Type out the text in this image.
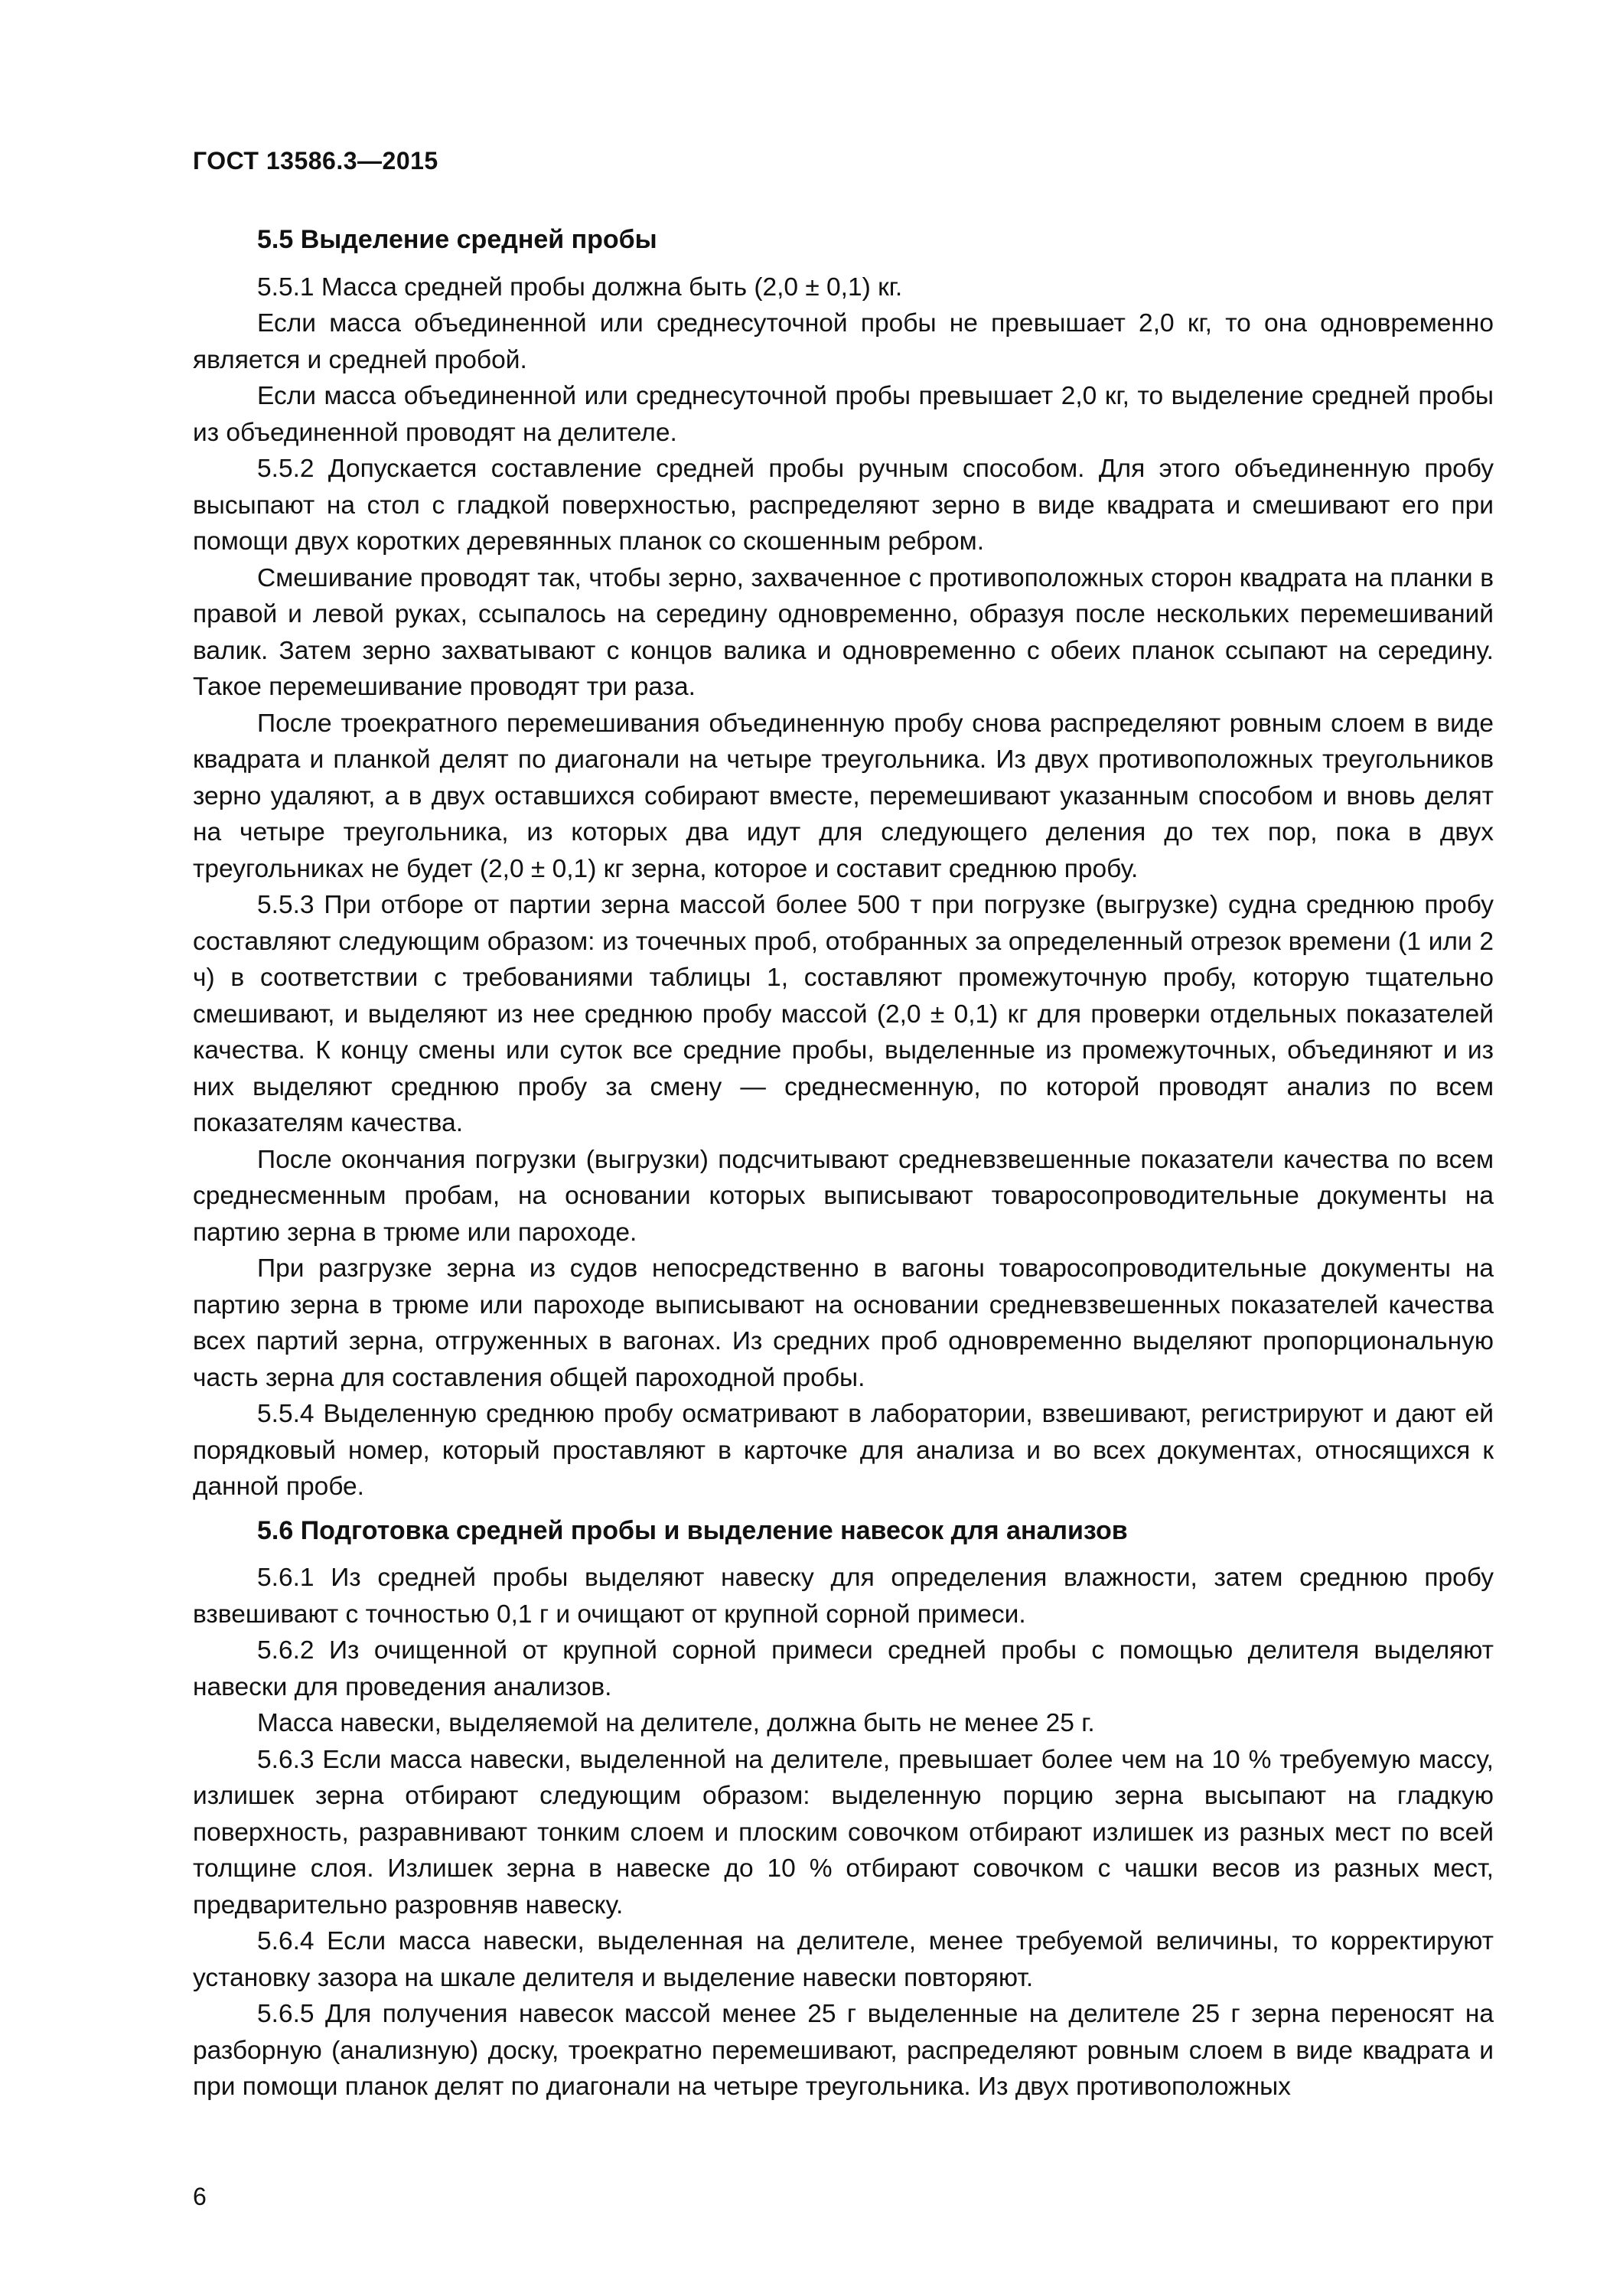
ГОСТ 13586.3—2015
5.5 Выделение средней пробы

5.5.1 Масса средней пробы должна быть (2,0 ± 0,1) кг.

Если масса объединенной или среднесуточной пробы не превышает 2,0 кг, то она одновременно является и средней пробой.

Если масса объединенной или среднесуточной пробы превышает 2,0 кг, то выделение средней пробы из объединенной проводят на делителе.

5.5.2 Допускается составление средней пробы ручным способом. Для этого объединенную пробу высыпают на стол с гладкой поверхностью, распределяют зерно в виде квадрата и смешивают его при помощи двух коротких деревянных планок со скошенным ребром.

Смешивание проводят так, чтобы зерно, захваченное с противоположных сторон квадрата на планки в правой и левой руках, ссыпалось на середину одновременно, образуя после нескольких перемешиваний валик. Затем зерно захватывают с концов валика и одновременно с обеих планок ссыпают на середину. Такое перемешивание проводят три раза.

После троекратного перемешивания объединенную пробу снова распределяют ровным слоем в виде квадрата и планкой делят по диагонали на четыре треугольника. Из двух противоположных треугольников зерно удаляют, а в двух оставшихся собирают вместе, перемешивают указанным способом и вновь делят на четыре треугольника, из которых два идут для следующего деления до тех пор, пока в двух треугольниках не будет (2,0 ± 0,1) кг зерна, которое и составит среднюю пробу.

5.5.3 При отборе от партии зерна массой более 500 т при погрузке (выгрузке) судна среднюю пробу составляют следующим образом: из точечных проб, отобранных за определенный отрезок времени (1 или 2 ч) в соответствии с требованиями таблицы 1, составляют промежуточную пробу, которую тщательно смешивают, и выделяют из нее среднюю пробу массой (2,0 ± 0,1) кг для проверки отдельных показателей качества. К концу смены или суток все средние пробы, выделенные из промежуточных, объединяют и из них выделяют среднюю пробу за смену — среднесменную, по которой проводят анализ по всем показателям качества.

После окончания погрузки (выгрузки) подсчитывают средневзвешенные показатели качества по всем среднесменным пробам, на основании которых выписывают товаросопроводительные документы на партию зерна в трюме или пароходе.

При разгрузке зерна из судов непосредственно в вагоны товаросопроводительные документы на партию зерна в трюме или пароходе выписывают на основании средневзвешенных показателей качества всех партий зерна, отгруженных в вагонах. Из средних проб одновременно выделяют пропорциональную часть зерна для составления общей пароходной пробы.

5.5.4 Выделенную среднюю пробу осматривают в лаборатории, взвешивают, регистрируют и дают ей порядковый номер, который проставляют в карточке для анализа и во всех документах, относящихся к данной пробе.

5.6 Подготовка средней пробы и выделение навесок для анализов

5.6.1 Из средней пробы выделяют навеску для определения влажности, затем среднюю пробу взвешивают с точностью 0,1 г и очищают от крупной сорной примеси.

5.6.2 Из очищенной от крупной сорной примеси средней пробы с помощью делителя выделяют навески для проведения анализов.

Масса навески, выделяемой на делителе, должна быть не менее 25 г.

5.6.3 Если масса навески, выделенной на делителе, превышает более чем на 10 % требуемую массу, излишек зерна отбирают следующим образом: выделенную порцию зерна высыпают на гладкую поверхность, разравнивают тонким слоем и плоским совочком отбирают излишек из разных мест по всей толщине слоя. Излишек зерна в навеске до 10 % отбирают совочком с чашки весов из разных мест, предварительно разровняв навеску.

5.6.4 Если масса навески, выделенная на делителе, менее требуемой величины, то корректируют установку зазора на шкале делителя и выделение навески повторяют.

5.6.5 Для получения навесок массой менее 25 г выделенные на делителе 25 г зерна переносят на разборную (анализную) доску, троекратно перемешивают, распределяют ровным слоем в виде квадрата и при помощи планок делят по диагонали на четыре треугольника. Из двух противоположных

6
